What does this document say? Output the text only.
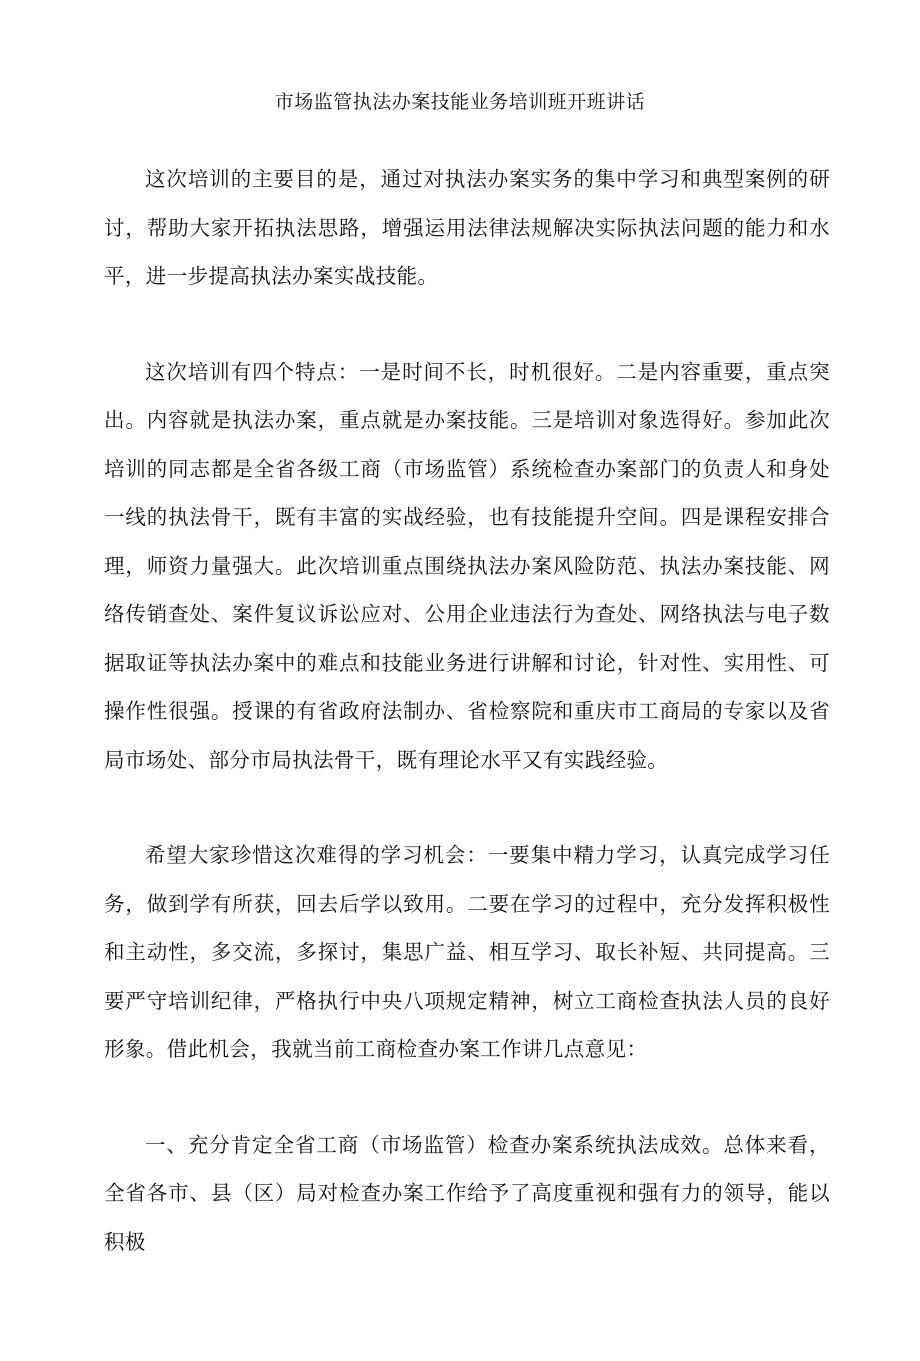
市场监管执法办案技能业务培训班开班讲话

这次培训的主要目的是，通过对执法办案实务的集中学习和典型案例的研讨，帮助大家开拓执法思路，增强运用法律法规解决实际执法问题的能力和水平，进一步提高执法办案实战技能。

这次培训有四个特点：一是时间不长，时机很好。二是内容重要，重点突出。内容就是执法办案，重点就是办案技能。三是培训对象选得好。参加此次培训的同志都是全省各级工商（市场监管）系统检查办案部门的负责人和身处一线的执法骨干，既有丰富的实战经验，也有技能提升空间。四是课程安排合理，师资力量强大。此次培训重点围绕执法办案风险防范、执法办案技能、网络传销查处、案件复议诉讼应对、公用企业违法行为查处、网络执法与电子数据取证等执法办案中的难点和技能业务进行讲解和讨论，针对性、实用性、可操作性很强。授课的有省政府法制办、省检察院和重庆市工商局的专家以及省局市场处、部分市局执法骨干，既有理论水平又有实践经验。

希望大家珍惜这次难得的学习机会：一要集中精力学习，认真完成学习任务，做到学有所获，回去后学以致用。二要在学习的过程中，充分发挥积极性和主动性，多交流，多探讨，集思广益、相互学习、取长补短、共同提高。三要严守培训纪律，严格执行中央八项规定精神，树立工商检查执法人员的良好形象。借此机会，我就当前工商检查办案工作讲几点意见：

一、充分肯定全省工商（市场监管）检查办案系统执法成效。总体来看，全省各市、县（区）局对检查办案工作给予了高度重视和强有力的领导，能以积极
